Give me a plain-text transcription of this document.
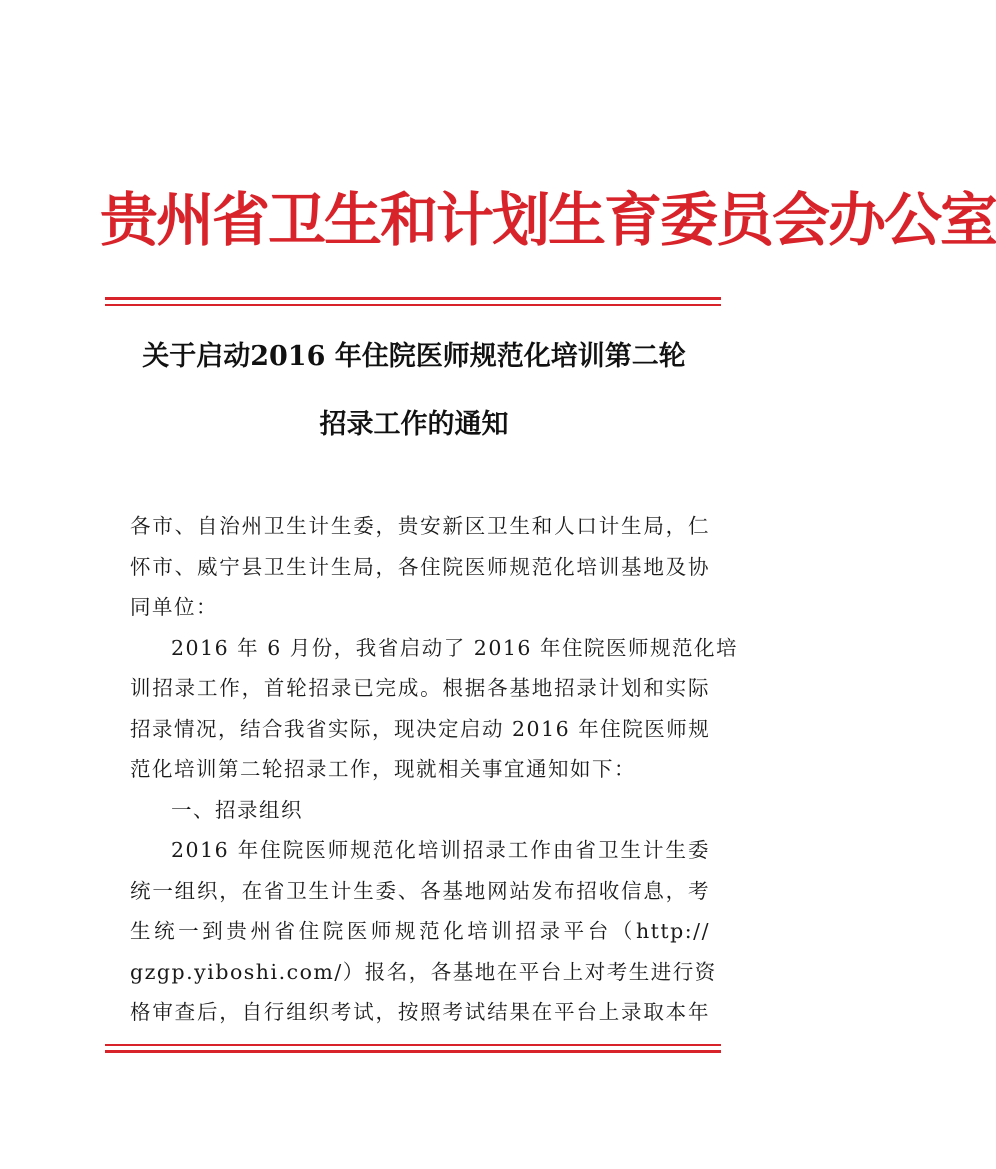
贵州省卫生和计划生育委员会办公室
关于启动2016 年住院医师规范化培训第二轮
招录工作的通知

各市、自治州卫生计生委，贵安新区卫生和人口计生局，仁
怀市、威宁县卫生计生局，各住院医师规范化培训基地及协
同单位：

2016 年 6 月份，我省启动了 2016 年住院医师规范化培
训招录工作，首轮招录已完成。根据各基地招录计划和实际
招录情况，结合我省实际，现决定启动 2016 年住院医师规
范化培训第二轮招录工作，现就相关事宜通知如下：

一、招录组织

2016 年住院医师规范化培训招录工作由省卫生计生委
统一组织，在省卫生计生委、各基地网站发布招收信息，考
生统一到贵州省住院医师规范化培训招录平台（http://
gzgp.yiboshi.com/）报名，各基地在平台上对考生进行资
格审查后，自行组织考试，按照考试结果在平台上录取本年
